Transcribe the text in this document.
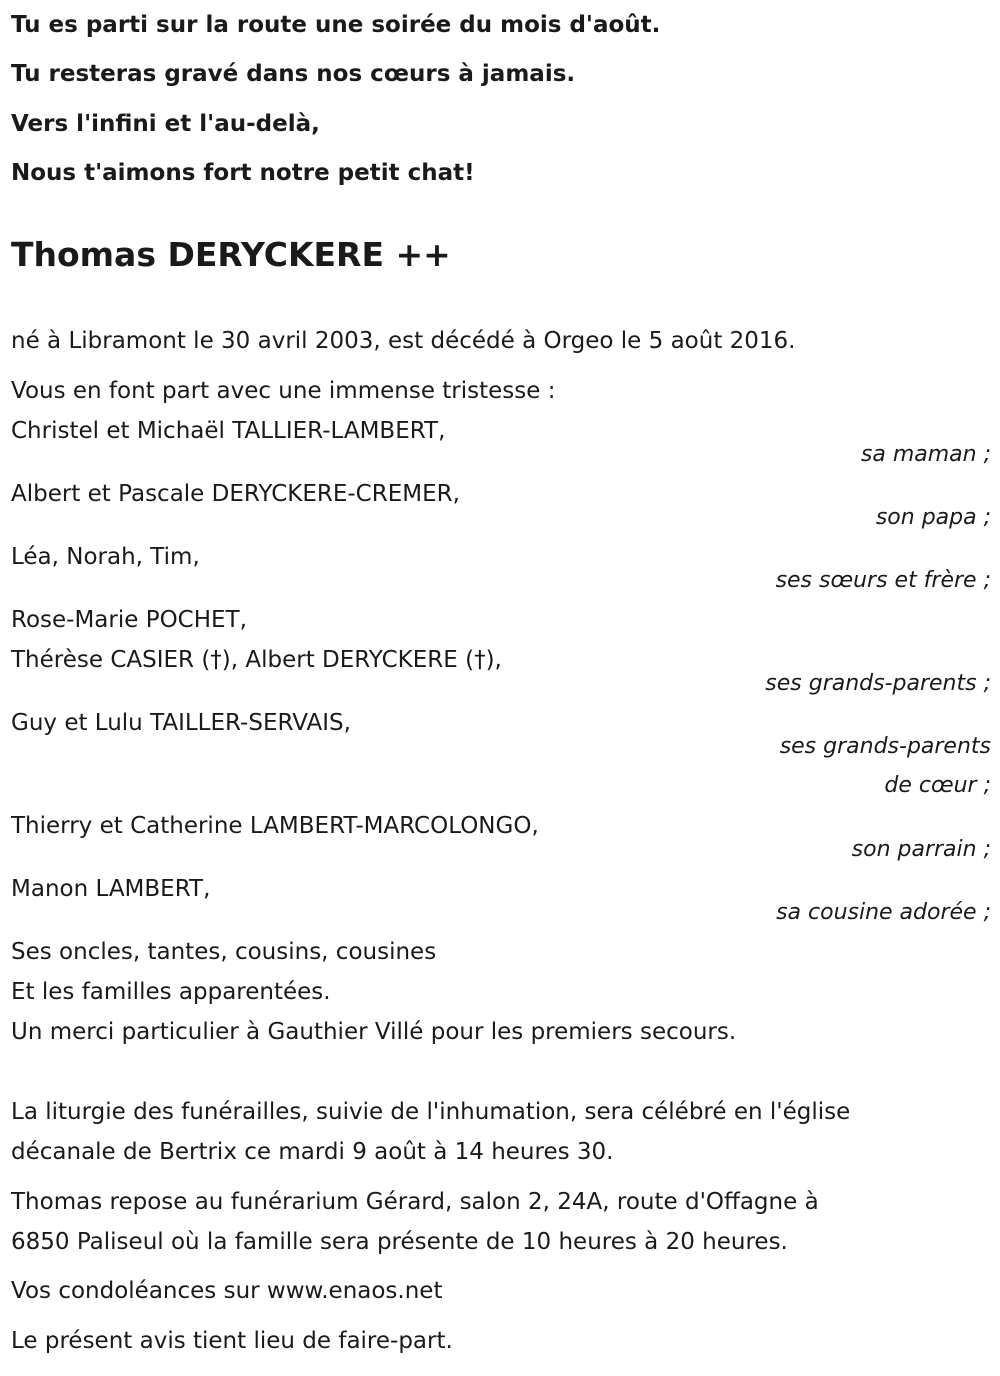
Tu es parti sur la route une soirée du mois d'août.
Tu resteras gravé dans nos cœurs à jamais.
Vers l'infini et l'au-delà,
Nous t'aimons fort notre petit chat!
Thomas DERYCKERE ++
né à Libramont le 30 avril 2003, est décédé à Orgeo le 5 août 2016.
Vous en font part avec une immense tristesse :
Christel et Michaël TALLIER-LAMBERT,
sa maman ;
Albert et Pascale DERYCKERE-CREMER,
son papa ;
Léa, Norah, Tim,
ses sœurs et frère ;
Rose-Marie POCHET,
Thérèse CASIER (†), Albert DERYCKERE (†),
ses grands-parents ;
Guy et Lulu TAILLER-SERVAIS,
ses grands-parents
de cœur ;
Thierry et Catherine LAMBERT-MARCOLONGO,
son parrain ;
Manon LAMBERT,
sa cousine adorée ;
Ses oncles, tantes, cousins, cousines
Et les familles apparentées.
Un merci particulier à Gauthier Villé pour les premiers secours.
La liturgie des funérailles, suivie de l'inhumation, sera célébré en l'église
décanale de Bertrix ce mardi 9 août à 14 heures 30.
Thomas repose au funérarium Gérard, salon 2, 24A, route d'Offagne à
6850 Paliseul où la famille sera présente de 10 heures à 20 heures.
Vos condoléances sur www.enaos.net
Le présent avis tient lieu de faire-part.
